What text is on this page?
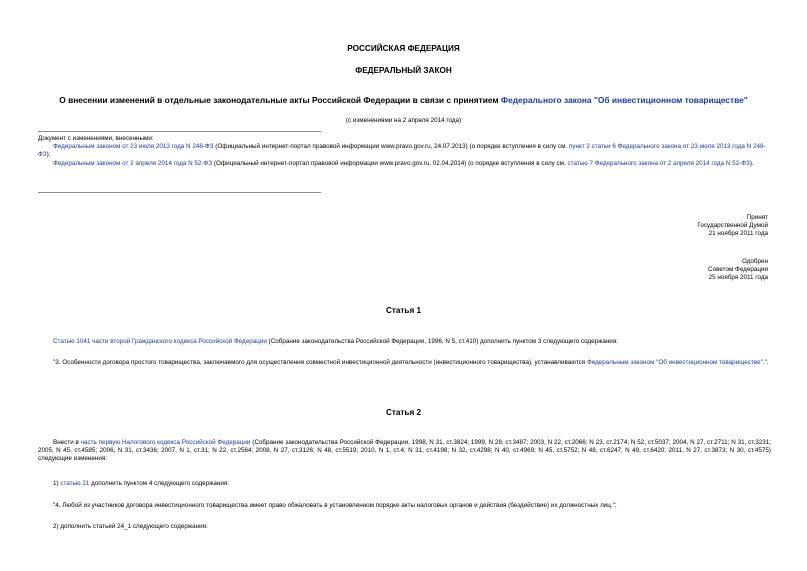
РОССИЙСКАЯ ФЕДЕРАЦИЯ
ФЕДЕРАЛЬНЫЙ ЗАКОН
О внесении изменений в отдельные законодательные акты Российской Федерации в связи с принятием Федерального закона "Об инвестиционном товариществе"
(с изменениями на 2 апреля 2014 года)

Документ с изменениями, внесенными:

Федеральным законом от 23 июля 2013 года N 248-ФЗ (Официальный интернет-портал правовой информации www.pravo.gov.ru, 24.07.2013) (о порядке вступления в силу см. пункт 2 статьи 6 Федерального закона от 23 июля 2013 года N 248-ФЗ);

Федеральным законом от 2 апреля 2014 года N 52-ФЗ (Официальный интернет-портал правовой информации www.pravo.gov.ru, 02.04.2014) (о порядке вступления в силу см. статью 7 Федерального закона от 2 апреля 2014 года N 52-ФЗ).

Принят

Государственной Думой

21 ноября 2011 года

Одобрен

Советом Федерации

25 ноября 2011 года

Статья 1

Статью 1041 части второй Гражданского кодекса Российской Федерации (Собрание законодательства Российской Федерации, 1996, N 5, ст.410) дополнить пунктом 3 следующего содержания:

"3. Особенности договора простого товарищества, заключаемого для осуществления совместной инвестиционной деятельности (инвестиционного товарищества), устанавливаются Федеральным законом "Об инвестиционном товариществе".".

Статья 2

Внести в часть первую Налогового кодекса Российской Федерации (Собрание законодательства Российской Федерации, 1998, N 31, ст.3824; 1999, N 28, ст.3487; 2003, N 22, ст.2066; N 23, ст.2174; N 52, ст.5037; 2004, N 27, ст.2711; N 31, ст.3231; 2005, N 45, ст.4585; 2006, N 31, ст.3436; 2007, N 1, ст.31; N 22, ст.2564; 2008, N 27, ст.3126; N 48, ст.5519; 2010, N 1, ст.4; N 31, ст.4198; N 32, ст.4298; N 40, ст.4969; N 45, ст.5752; N 48, ст.6247; N 49, ст.6420; 2011, N 27, ст.3873; N 30, ст.4575) следующие изменения:

1) статью 21 дополнить пунктом 4 следующего содержания:

"4. Любой из участников договора инвестиционного товарищества имеет право обжаловать в установленном порядке акты налоговых органов и действия (бездействие) их должностных лиц.";

2) дополнить статьей 24_1 следующего содержания:
